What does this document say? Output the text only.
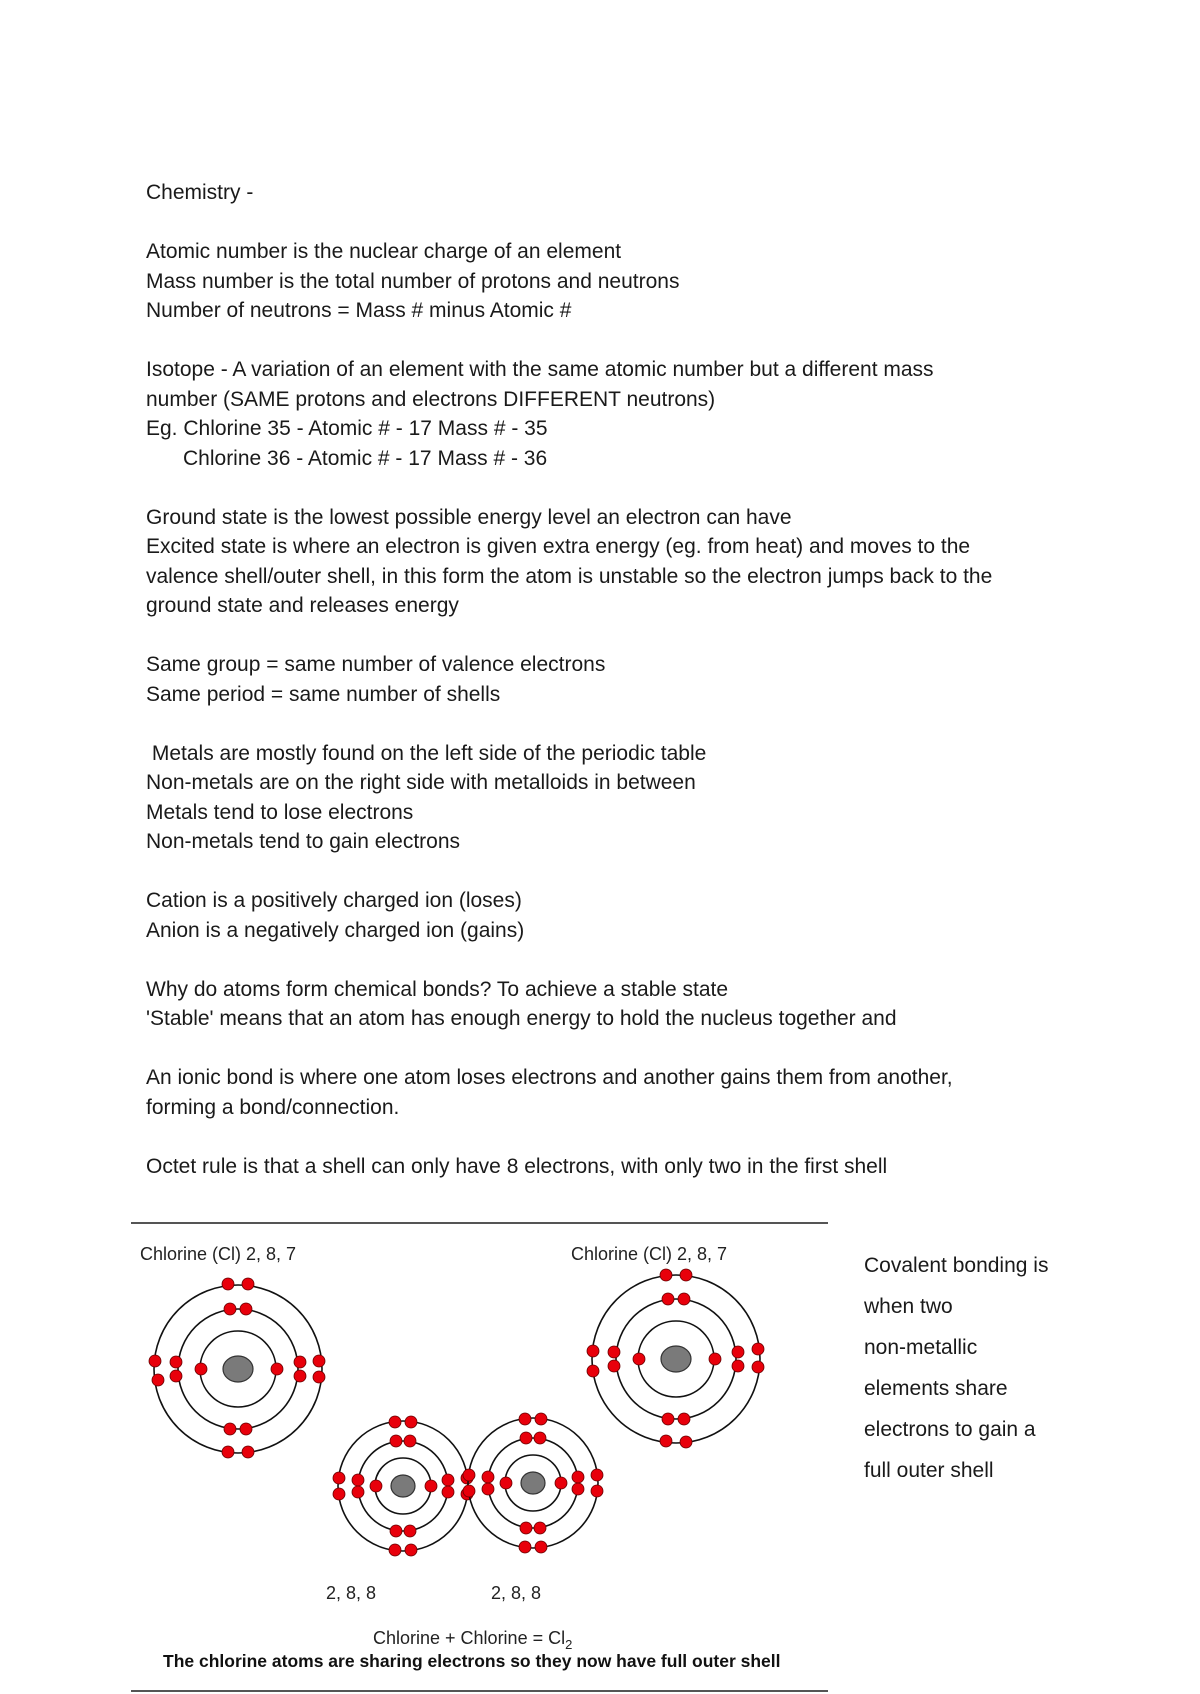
Chemistry -

Atomic number is the nuclear charge of an element

Mass number is the total number of protons and neutrons

Number of neutrons = Mass # minus Atomic #

Isotope - A variation of an element with the same atomic number but a different mass

number (SAME protons and electrons DIFFERENT neutrons)

Eg. Chlorine 35 - Atomic # - 17 Mass # - 35

Chlorine 36 - Atomic # - 17 Mass # - 36

Ground state is the lowest possible energy level an electron can have

Excited state is where an electron is given extra energy (eg. from heat) and moves to the

valence shell/outer shell, in this form the atom is unstable so the electron jumps back to the

ground state and releases energy

Same group = same number of valence electrons

Same period = same number of shells

Metals are mostly found on the left side of the periodic table

Non-metals are on the right side with metalloids in between

Metals tend to lose electrons

Non-metals tend to gain electrons

Cation is a positively charged ion (loses)

Anion is a negatively charged ion (gains)

Why do atoms form chemical bonds? To achieve a stable state

'Stable' means that an atom has enough energy to hold the nucleus together and

An ionic bond is where one atom loses electrons and another gains them from another,

forming a bond/connection.

Octet rule is that a shell can only have 8 electrons, with only two in the first shell

Chlorine (Cl) 2, 8, 7	Chlorine (Cl) 2, 8, 7
2, 8, 8	2, 8, 8
Chlorine + Chlorine = $Cl_2$
The chlorine atoms are sharing electrons so they now have full outer shell
Covalent bonding is
when two
non-metallic
elements share
electrons to gain a
full outer shell
